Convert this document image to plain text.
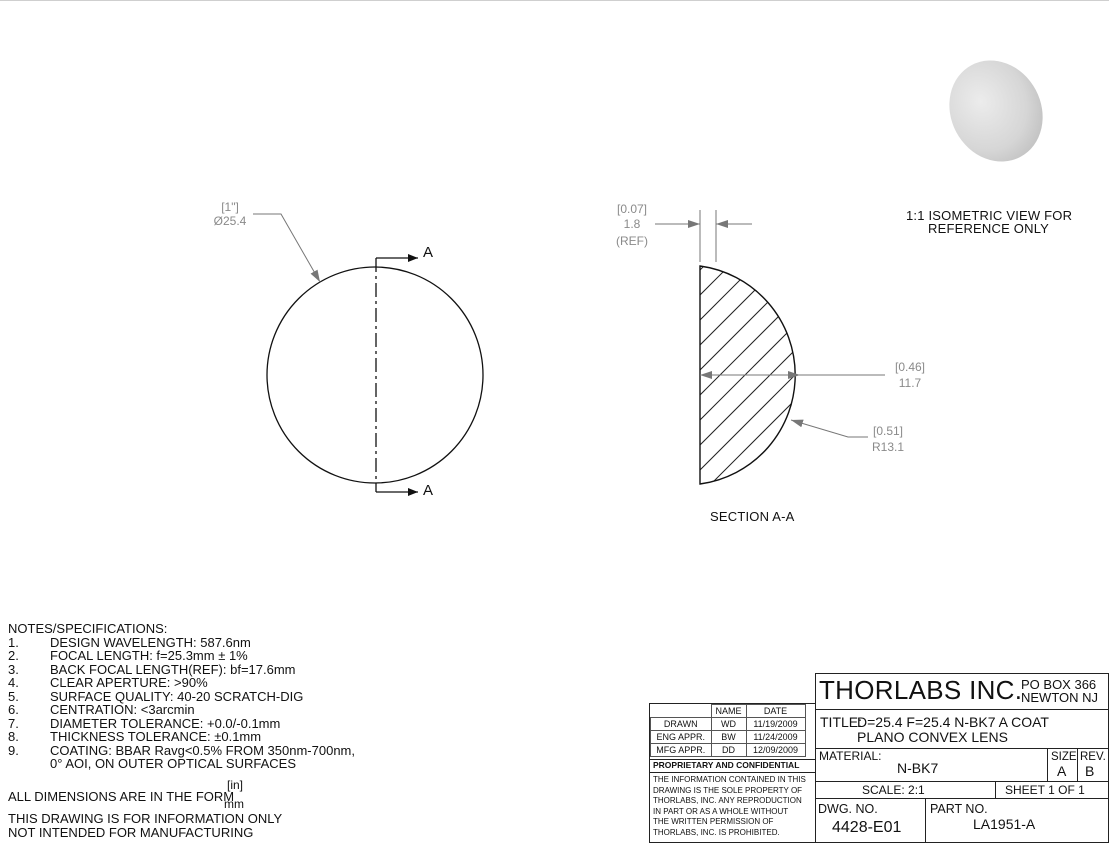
[1"]
Ø25.4
A
A
[0.07]
1.8
(REF)
[0.46]
11.7
[0.51]
R13.1
SECTION A-A
1:1 ISOMETRIC VIEW FOR
REFERENCE ONLY
NOTES/SPECIFICATIONS:
1.	DESIGN WAVELENGTH: 587.6nm
2.	FOCAL LENGTH: f=25.3mm ± 1%
3.	BACK FOCAL LENGTH(REF): bf=17.6mm
4.	CLEAR APERTURE: >90%
5.	SURFACE QUALITY: 40-20 SCRATCH-DIG
6.	CENTRATION: <3arcmin
7.	DIAMETER TOLERANCE: +0.0/-0.1mm
8.	THICKNESS TOLERANCE: ±0.1mm
9.	COATING: BBAR Ravg<0.5% FROM 350nm-700nm,
0° AOI, ON OUTER OPTICAL SURFACES
ALL DIMENSIONS ARE IN THE FORM
[in]
mm
THIS DRAWING IS FOR INFORMATION ONLY
NOT INTENDED FOR MANUFACTURING
	NAME	DATE
DRAWN	WD	11/19/2009
ENG APPR.	BW	11/24/2009
MFG APPR.	DD	12/09/2009
PROPRIETARY AND CONFIDENTIAL
THE INFORMATION CONTAINED IN THIS
DRAWING IS THE SOLE PROPERTY OF
THORLABS, INC. ANY REPRODUCTION
IN PART OR AS A WHOLE WITHOUT
THE WRITTEN PERMISSION OF
THORLABS, INC. IS PROHIBITED.
THORLABS INC.
PO BOX 366
NEWTON NJ
TITLE:
D=25.4 F=25.4 N-BK7 A COAT
PLANO CONVEX LENS
MATERIAL:
N-BK7
SIZE
A
REV.
B
SCALE: 2:1	SHEET 1 OF 1
DWG. NO.
4428-E01
PART NO.
LA1951-A
